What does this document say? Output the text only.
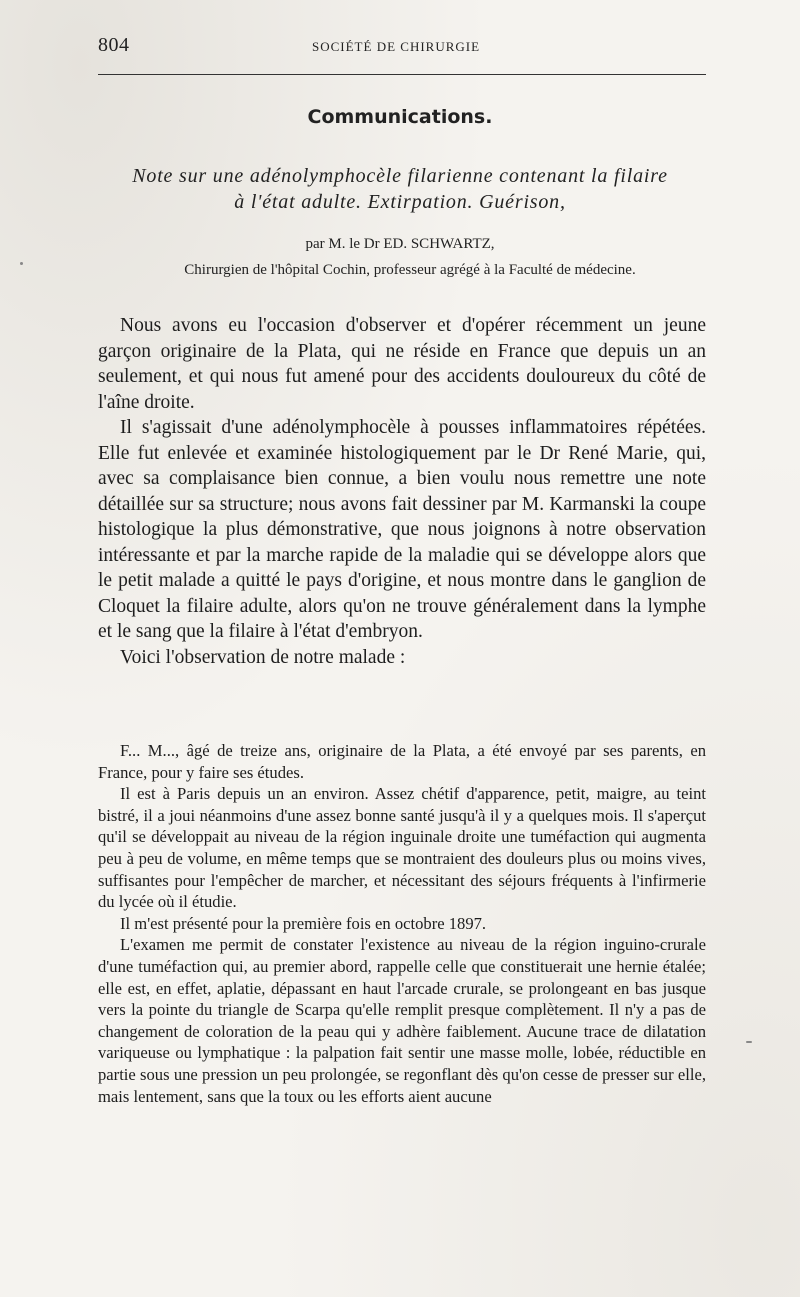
804	SOCIÉTÉ DE CHIRURGIE
Communications.
Note sur une adénolymphocèle filarienne contenant la filaire
à l'état adulte. Extirpation. Guérison,
par M. le Dr ED. SCHWARTZ,
Chirurgien de l'hôpital Cochin, professeur agrégé à la Faculté de médecine.

Nous avons eu l'occasion d'observer et d'opérer récemment un jeune garçon originaire de la Plata, qui ne réside en France que depuis un an seulement, et qui nous fut amené pour des accidents douloureux du côté de l'aîne droite.

Il s'agissait d'une adénolymphocèle à pousses inflammatoires répétées. Elle fut enlevée et examinée histologiquement par le Dr René Marie, qui, avec sa complaisance bien connue, a bien voulu nous remettre une note détaillée sur sa structure; nous avons fait dessiner par M. Karmanski la coupe histologique la plus démonstrative, que nous joignons à notre observation intéressante et par la marche rapide de la maladie qui se développe alors que le petit malade a quitté le pays d'origine, et nous montre dans le ganglion de Cloquet la filaire adulte, alors qu'on ne trouve généralement dans la lymphe et le sang que la filaire à l'état d'embryon.

Voici l'observation de notre malade :

F... M..., âgé de treize ans, originaire de la Plata, a été envoyé par ses parents, en France, pour y faire ses études.

Il est à Paris depuis un an environ. Assez chétif d'apparence, petit, maigre, au teint bistré, il a joui néanmoins d'une assez bonne santé jusqu'à il y a quelques mois. Il s'aperçut qu'il se développait au niveau de la région inguinale droite une tuméfaction qui augmenta peu à peu de volume, en même temps que se montraient des douleurs plus ou moins vives, suffisantes pour l'empêcher de marcher, et nécessitant des séjours fréquents à l'infirmerie du lycée où il étudie.

Il m'est présenté pour la première fois en octobre 1897.

L'examen me permit de constater l'existence au niveau de la région inguino-crurale d'une tuméfaction qui, au premier abord, rappelle celle que constituerait une hernie étalée; elle est, en effet, aplatie, dépassant en haut l'arcade crurale, se prolongeant en bas jusque vers la pointe du triangle de Scarpa qu'elle remplit presque complètement. Il n'y a pas de changement de coloration de la peau qui y adhère faiblement. Aucune trace de dilatation variqueuse ou lymphatique : la palpation fait sentir une masse molle, lobée, réductible en partie sous une pression un peu prolongée, se regonflant dès qu'on cesse de presser sur elle, mais lentement, sans que la toux ou les efforts aient aucune
